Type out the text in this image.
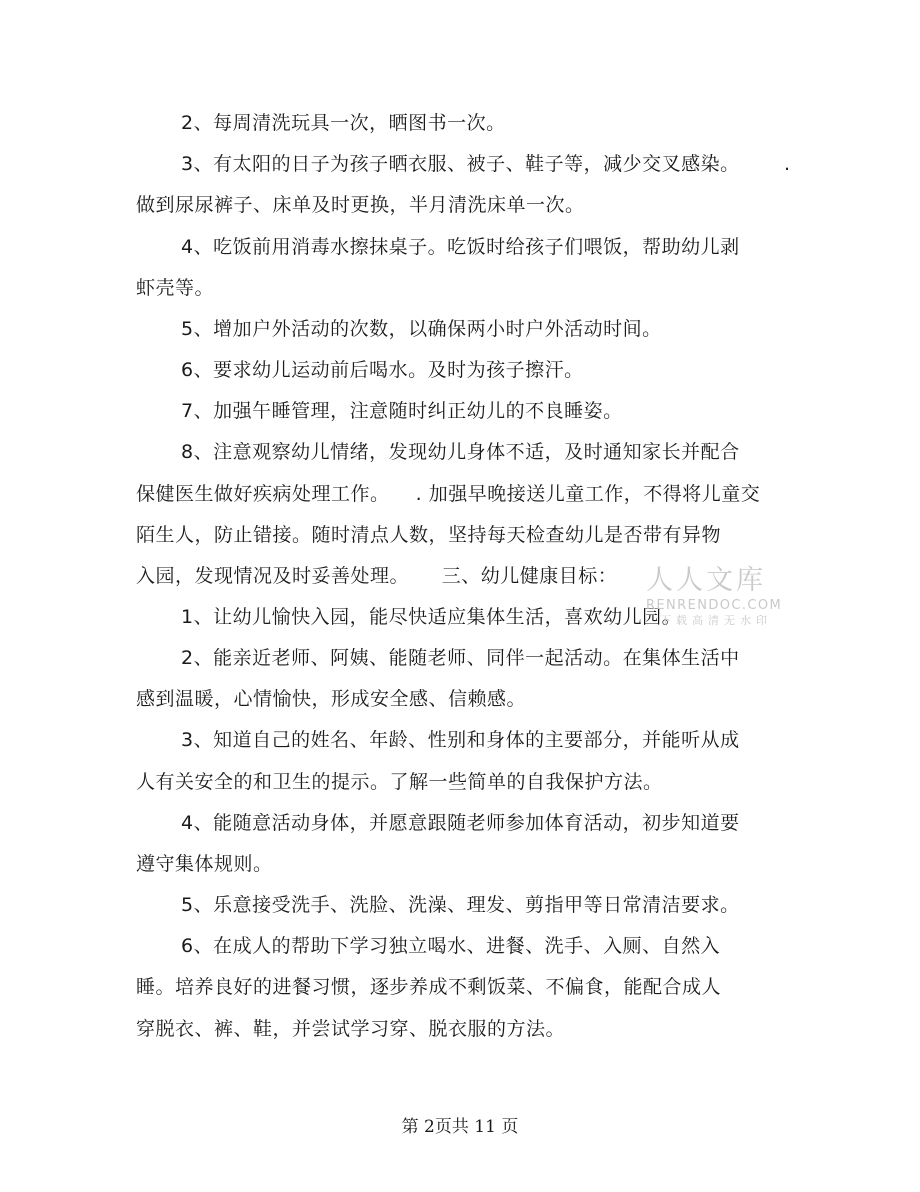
2、每周清洗玩具一次，晒图书一次。
3、有太阳的日子为孩子晒衣服、被子、鞋子等，减少交叉感染。 .
做到尿尿裤子、床单及时更换，半月清洗床单一次。
4、吃饭前用消毒水擦抹桌子。吃饭时给孩子们喂饭，帮助幼儿剥
虾壳等。
5、增加户外活动的次数，以确保两小时户外活动时间。
6、要求幼儿运动前后喝水。及时为孩子擦汗。
7、加强午睡管理，注意随时纠正幼儿的不良睡姿。
8、注意观察幼儿情绪，发现幼儿身体不适，及时通知家长并配合
保健医生做好疾病处理工作。    . 加强早晚接送儿童工作，不得将儿童交
陌生人，防止错接。随时清点人数，坚持每天检查幼儿是否带有异物
入园，发现情况及时妥善处理。     三、幼儿健康目标：
1、让幼儿愉快入园，能尽快适应集体生活，喜欢幼儿园。
2、能亲近老师、阿姨、能随老师、同伴一起活动。在集体生活中
感到温暖，心情愉快，形成安全感、信赖感。
3、知道自己的姓名、年龄、性别和身体的主要部分，并能听从成
人有关安全的和卫生的提示。了解一些简单的自我保护方法。
4、能随意活动身体，并愿意跟随老师参加体育活动，初步知道要
遵守集体规则。
5、乐意接受洗手、洗脸、洗澡、理发、剪指甲等日常清洁要求。
6、在成人的帮助下学习独立喝水、进餐、洗手、入厕、自然入
睡。培养良好的进餐习惯，逐步养成不剩饭菜、不偏食，能配合成人
穿脱衣、裤、鞋，并尝试学习穿、脱衣服的方法。
人人文库
RENRENDOC.COM
下载高清无水印
第 2页共 11 页
